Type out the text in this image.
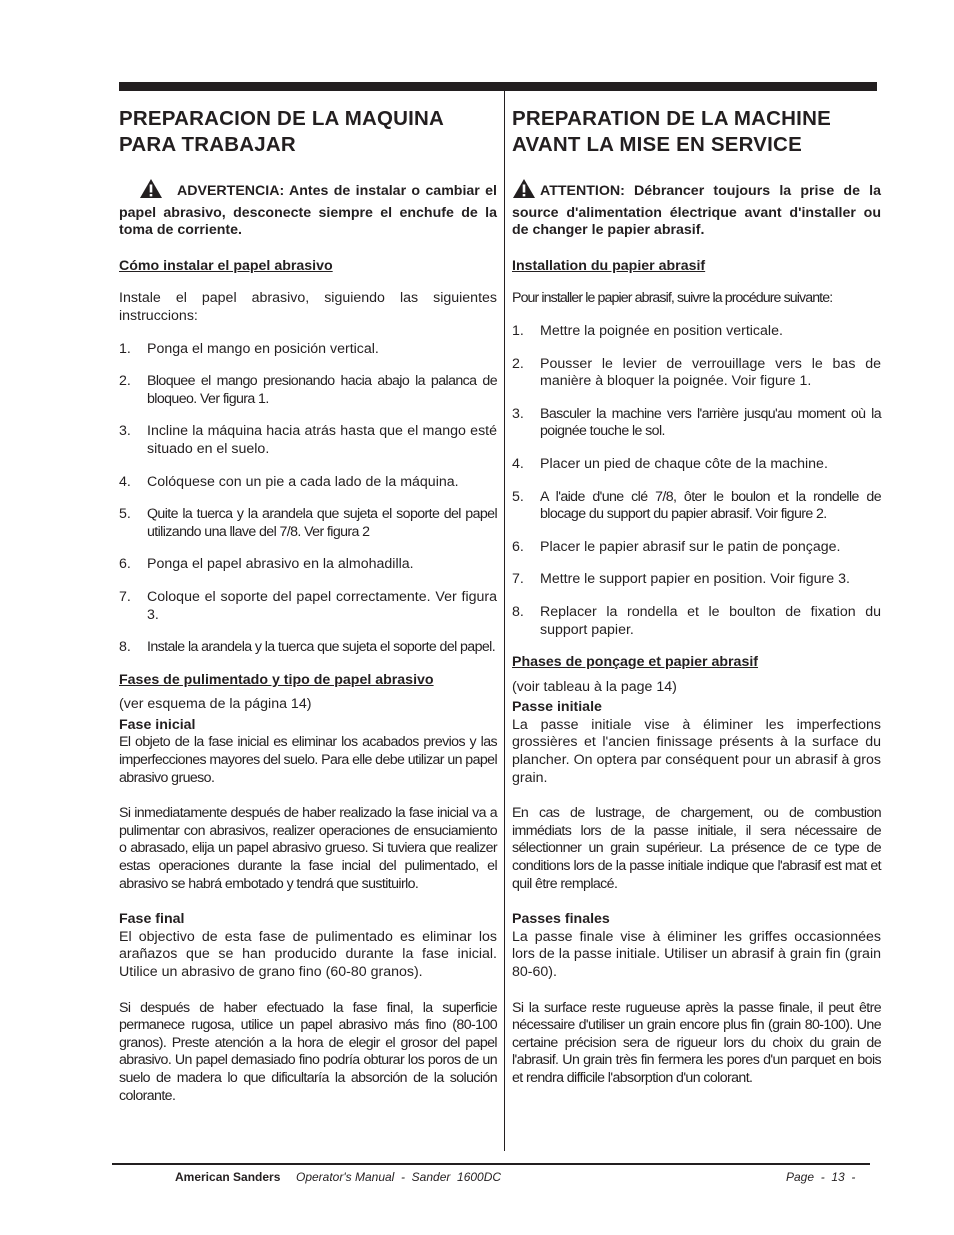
PREPARACION DE LA MAQUINA PARA TRABAJAR

ADVERTENCIA: Antes de instalar o cambiar el papel abrasivo, desconecte siempre el enchufe de la toma de corriente.

Cómo instalar el papel abrasivo

Instale el papel abrasivo, siguiendo las siguientes instruccions:

1. Ponga el mango en posición vertical.
2. Bloquee el mango presionando hacia abajo la palanca de bloqueo. Ver figura 1.
3. Incline la máquina hacia atrás hasta que el mango esté situado en el suelo.
4. Colóquese con un pie a cada lado de la máquina.
5. Quite la tuerca y la arandela que sujeta el soporte del papel utilizando una llave del 7/8. Ver figura 2
6. Ponga el papel abrasivo en la almohadilla.
7. Coloque el soporte del papel correctamente. Ver figura 3.
8. Instale la arandela y la tuerca que sujeta el soporte del papel.
Fases de pulimentado y tipo de papel abrasivo

(ver esquema de la página 14)

Fase inicial

El objeto de la fase inicial es eliminar los acabados previos y las imperfecciones mayores del suelo. Para elle debe utilizar un papel abrasivo grueso.

Si inmediatamente después de haber realizado la fase inicial va a pulimentar con abrasivos, realizer operaciones de ensuciamiento o abrasado, elija un papel abrasivo grueso. Si tuviera que realizer estas operaciones durante la fase incial del pulimentado, el abrasivo se habrá embotado y tendrá que sustituirlo.

Fase final

El objectivo de esta fase de pulimentado es eliminar los arañazos que se han producido durante la fase inicial. Utilice un abrasivo de grano fino (60-80 granos).

Si después de haber efectuado la fase final, la superficie permanece rugosa, utilice un papel abrasivo más fino (80-100 granos). Preste atención a la hora de elegir el grosor del papel abrasivo. Un papel demasiado fino podría obturar los poros de un suelo de madera lo que dificultaría la absorción de la solución colorante.

PREPARATION DE LA MACHINE AVANT LA MISE EN SERVICE

ATTENTION: Débrancer toujours la prise de la source d'alimentation électrique avant d'installer ou de changer le papier abrasif.

Installation du papier abrasif

Pour installer le papier abrasif, suivre la procédure suivante:

1. Mettre la poignée en position verticale.
2. Pousser le levier de verrouillage vers le bas de manière à bloquer la poignée. Voir figure 1.
3. Basculer la machine vers l'arrière jusqu'au moment où la poignée touche le sol.
4. Placer un pied de chaque côte de la machine.
5. A l'aide d'une clé 7/8, ôter le boulon et la rondelle de blocage du support du papier abrasif. Voir figure 2.
6. Placer le papier abrasif sur le patin de ponçage.
7. Mettre le support papier en position. Voir figure 3.
8. Replacer la rondella et le boulton de fixation du support papier.
Phases de ponçage et papier abrasif

(voir tableau à la page 14)

Passe initiale

La passe initiale vise à éliminer les imperfections grossières et l'ancien finissage présents à la surface du plancher. On optera par conséquent pour un abrasif à gros grain.

En cas de lustrage, de chargement, ou de combustion immédiats lors de la passe initiale, il sera nécessaire de sélectionner un grain supérieur. La présence de ce type de conditions lors de la passe initiale indique que l'abrasif est mat et quil être remplacé.

Passes finales

La passe finale vise à éliminer les griffes occasionnées lors de la passe initiale. Utiliser un abrasif à grain fin (grain 80-60).

Si la surface reste rugueuse après la passe finale, il peut être nécessaire d'utiliser un grain encore plus fin (grain 80-100). Une certaine précision sera de rigueur lors du choix du grain de l'abrasif. Un grain très fin fermera les pores d'un parquet en bois et rendra difficile l'absorption d'un colorant.

American Sanders Operator's Manual  -  Sander  1600DC	Page  -  13  -
